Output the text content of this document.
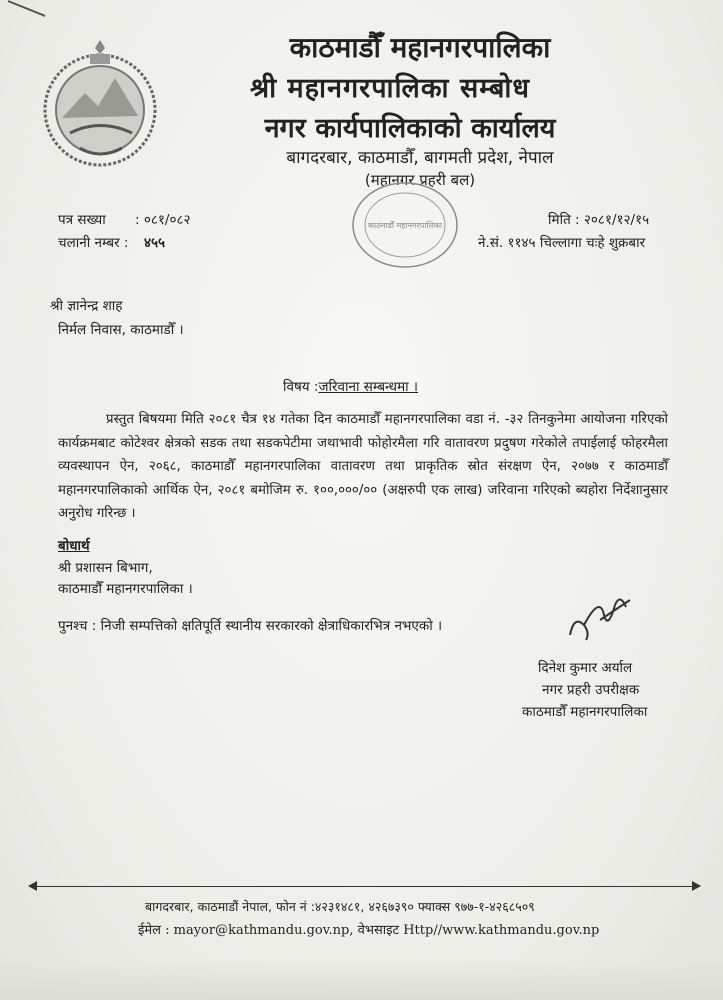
काठमाडौँ महानगरपालिका
श्री महानगरपालिका सम्बोध
नगर कार्यपालिकाको कार्यालय
बागदरबार, काठमाडौँ, बागमती प्रदेश, नेपाल
(महानगर प्रहरी बल)
काठमाडौँ महानगरपालिका
पत्र सख्या : ०८१/०८२
चलानी नम्बर : ४५५
मिति : २०८१/१२/१५
ने.सं. ११४५ चिल्लागा चःहे शुक्रबार
श्री ज्ञानेन्द्र शाह
निर्मल निवास, काठमाडौँ ।
विषय :जरिवाना सम्बन्धमा ।
प्रस्तुत बिषयमा मिति २०८१ चैत्र १४ गतेका दिन काठमाडौँ महानगरपालिका वडा नं. -३२ तिनकुनेमा आयोजना गरिएको कार्यक्रमबाट कोटेश्वर क्षेत्रको सडक तथा सडकपेटीमा जथाभावी फोहोरमैला गरि वातावरण प्रदुषण गरेकोले तपाईलाई फोहरमैला व्यवस्थापन ऐन, २०६८, काठमाडौँ महानगरपालिका वातावरण तथा प्राकृतिक स्रोत संरक्षण ऐन, २०७७ र काठमाडौँ महानगरपालिकाको आर्थिक ऐन, २०८१ बमोजिम रु. १००,०००/०० (अक्षरुपी एक लाख) जरिवाना गरिएको ब्यहोरा निर्देशानुसार अनुरोध गरिन्छ ।
बोधार्थ
श्री प्रशासन बिभाग,
काठमाडौँ महानगरपालिका ।
पुनश्च : निजी सम्पत्तिको क्षतिपूर्ति स्थानीय सरकारको क्षेत्राधिकारभित्र नभएको ।
दिनेश कुमार अर्याल
नगर प्रहरी उपरीक्षक
काठमाडौँ महानगरपालिका
बागदरबार, काठमाडौं नेपाल, फोन नं :४२३१४८१, ४२६७३९० फ्याक्स ९७७-१-४२६८५०९
ईमेल : mayor@kathmandu.gov.np, वेभसाइट Http//www.kathmandu.gov.np
